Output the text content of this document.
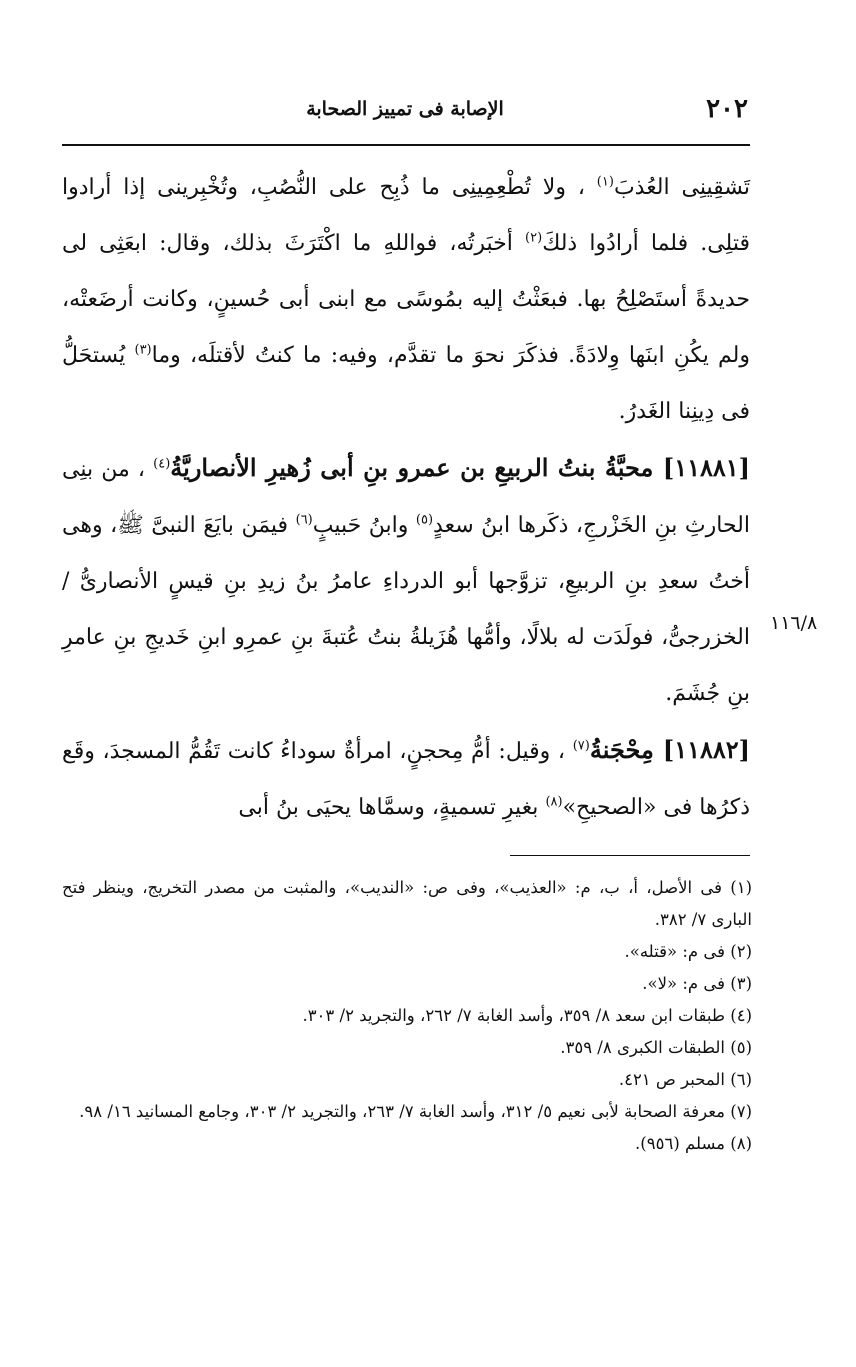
٢٠٢
الإصابة فى تمييز الصحابة

تَشقِينِى العُذبَ$^{(١)}$ ، ولا تُطْعِمِينِى ما ذُبِح على النُّصُبِ، وتُخْبِرينى إذا أرادوا قتلِى. فلما أرادُوا ذلكَ$^{(٢)}$ أخبَرتُه، فواللهِ ما اكْتَرَثَ بذلك، وقال: ابعَثِى لى حديدةً أستَصْلِحُ بها. فبعَثْتُ إليه بمُوسًى مع ابنى أبى حُسينٍ، وكانت أرضَعتْه، ولم يكُنِ ابنَها وِلادَةً. فذكَرَ نحوَ ما تقدَّم، وفيه: ما كنتُ لأقتلَه، وما$^{(٣)}$ يُستحَلُّ فى دِينِنا الغَدرُ.

[١١٨٨١] محبَّةُ بنتُ الربيعِ بن عمرو بنِ أبى زُهيرِ الأنصاريَّةُ$^{(٤)}$ ، من بنِى الحارثِ بنِ الخَزْرجِ، ذكَرها ابنُ سعدٍ$^{(٥)}$ وابنُ حَبيبٍ$^{(٦)}$ فيمَن بايَعَ النبىَّ ﷺ، وهى أختُ سعدِ بنِ الربيعِ، تزوَّجها أبو الدرداءِ عامرُ بنُ زيدِ بنِ قيسٍ الأنصارىُّ / الخزرجىُّ، فولَدَت له بلالًا، وأمُّها هُزَيلةُ بنتُ عُتبةَ بنِ عمرِو ابنِ خَديجِ بنِ عامرِ بنِ جُشَمَ.

[١١٨٨٢] مِحْجَنةُ$^{(٧)}$ ، وقيل: أمُّ مِحجنٍ، امرأةٌ سوداءُ كانت تَقُمُّ المسجدَ، وقَع ذكرُها فى «الصحيحِ»$^{(٨)}$ بغيرِ تسميةٍ، وسمَّاها يحيَى بنُ أبى

١١٦/٨

(١) فى الأصل، أ، ب، م: «العذيب»، وفى ص: «النديب»، والمثبت من مصدر التخريج، وينظر فتح البارى ٧/ ٣٨٢.

(٢) فى م: «قتله».

(٣) فى م: «لا».

(٤) طبقات ابن سعد ٨/ ٣٥٩، وأسد الغابة ٧/ ٢٦٢، والتجريد ٢/ ٣٠٣.

(٥) الطبقات الكبرى ٨/ ٣٥٩.

(٦) المحبر ص ٤٢١.

(٧) معرفة الصحابة لأبى نعيم ٥/ ٣١٢، وأسد الغابة ٧/ ٢٦٣، والتجريد ٢/ ٣٠٣، وجامع المسانيد ١٦/ ٩٨.

(٨) مسلم (٩٥٦).
